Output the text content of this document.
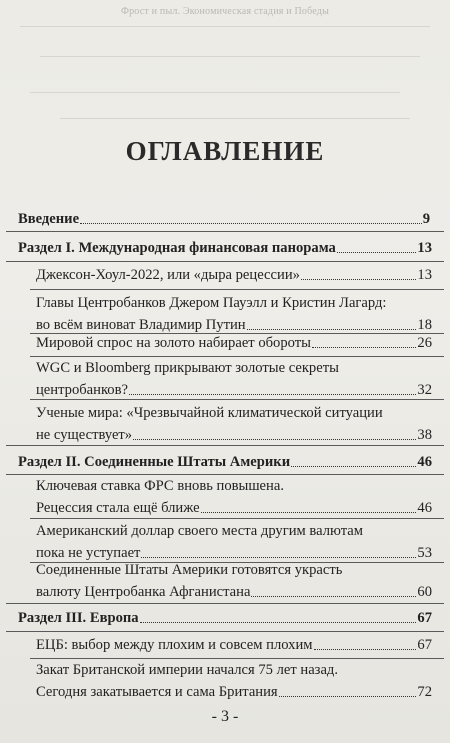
Фрост и пыл. Экономическая стадия и Победы
ОГЛАВЛЕНИЕ
Введение	9
Раздел I. Международная финансовая панорама	13
Джексон-Хоул-2022, или «дыра рецессии»	13
Главы Центробанков Джером Пауэлл и Кристин Лагард:
во всём виноват Владимир Путин	18
Мировой спрос на золото набирает обороты	26
WGC и Bloomberg прикрывают золотые секреты
центробанков?	32
Ученые мира: «Чрезвычайной климатической ситуации
не существует»	38
Раздел II. Соединенные Штаты Америки	46
Ключевая ставка ФРС вновь повышена.
Рецессия стала ещё ближе	46
Американский доллар своего места другим валютам
пока не уступает	53
Соединенные Штаты Америки готовятся украсть
валюту Центробанка Афганистана	60
Раздел III. Европа	67
ЕЦБ: выбор между плохим и совсем плохим	67
Закат Британской империи начался 75 лет назад.
Сегодня закатывается и сама Британия	72
- 3 -
